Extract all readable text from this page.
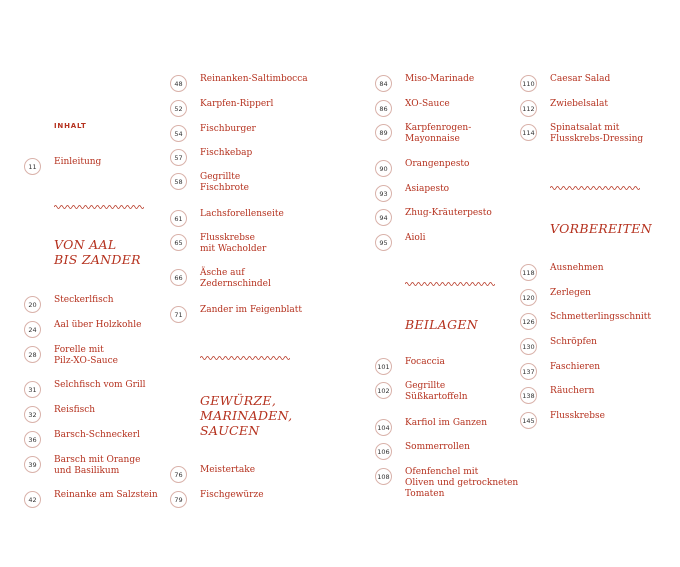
INHALT
11	Einleitung
VON AAL
BIS ZANDER
20	Steckerlfisch
24	Aal über Holzkohle
28	Forelle mit
Pilz-XO-Sauce
31	Selchfisch vom Grill
32	Reisfisch
36	Barsch-Schneckerl
39	Barsch mit Orange
und Basilikum
42	Reinanke am Salzstein
48	Reinanken-Saltimbocca
52	Karpfen-Ripperl
54	Fischburger
57	Fischkebap
58	Gegrillte
Fischbrote
61	Lachsforellenseite
65	Flusskrebse
mit Wacholder
66	Äsche auf
Zedernschindel
71	Zander im Feigenblatt
GEWÜRZE,
MARINADEN,
SAUCEN
76	Meistertake
79	Fischgewürze
84	Miso-Marinade
86	XO-Sauce
89	Karpfenrogen-
Mayonnaise
90	Orangenpesto
93	Asiapesto
94	Zhug-Kräuterpesto
95	Aioli
BEILAGEN
101 Focaccia
102 Gegrillte
Süßkartoffeln
104 Karfiol im Ganzen
106 Sommerrollen
108 Ofenfenchel mit
Oliven und getrockneten
Tomaten
110 Caesar Salad
112 Zwiebelsalat
114 Spinatsalat mit
Flusskrebs-Dressing
VORBEREITEN
118 Ausnehmen
120 Zerlegen
126 Schmetterlingsschnitt
130 Schröpfen
137 Faschieren
138 Räuchern
145 Flusskrebse
